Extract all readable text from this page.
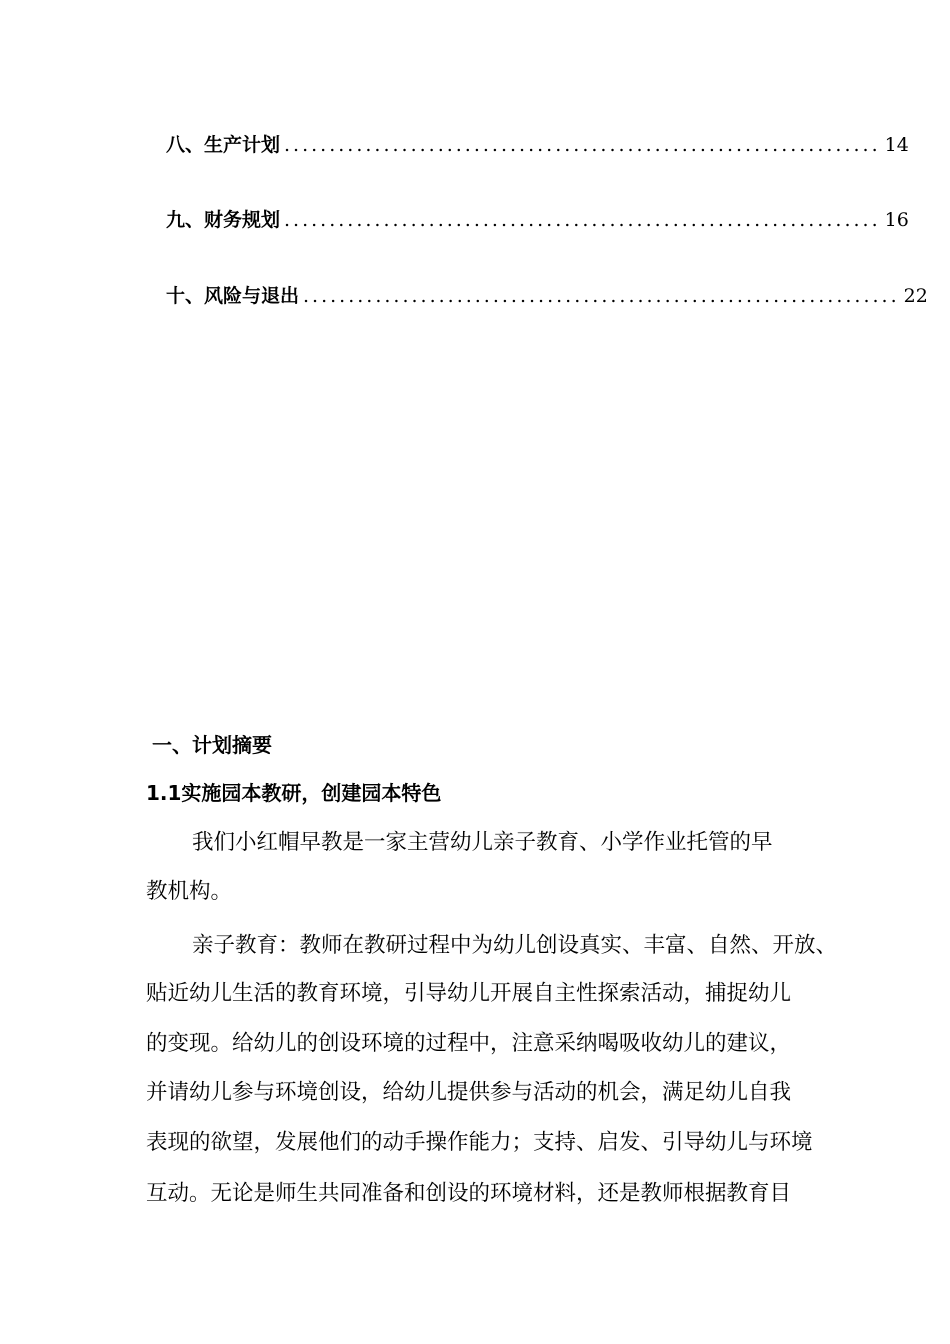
八、生产计划 .................................................................. 14
九、财务规划 .................................................................. 16
十、风险与退出 .................................................................. 22
一、计划摘要
1.1实施园本教研，创建园本特色
我们小红帽早教是一家主营幼儿亲子教育、小学作业托管的早
教机构。
亲子教育：教师在教研过程中为幼儿创设真实、丰富、自然、开放、
贴近幼儿生活的教育环境，引导幼儿开展自主性探索活动，捕捉幼儿
的变现。给幼儿的创设环境的过程中，注意采纳喝吸收幼儿的建议，
并请幼儿参与环境创设，给幼儿提供参与活动的机会，满足幼儿自我
表现的欲望，发展他们的动手操作能力；支持、启发、引导幼儿与环境
互动。无论是师生共同准备和创设的环境材料，还是教师根据教育目
